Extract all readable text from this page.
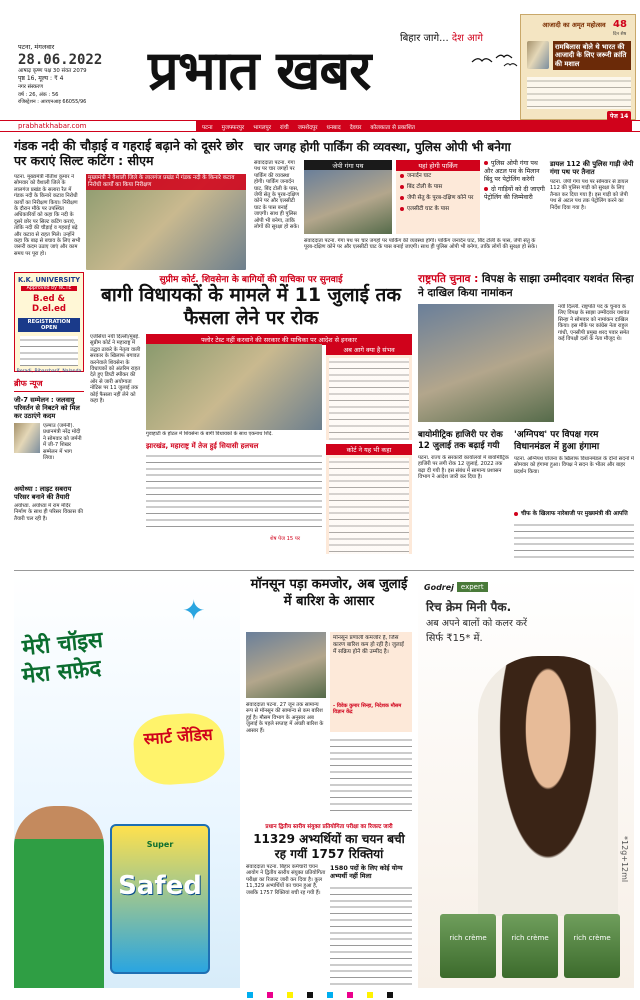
पटना, मंगलवार
28.06.2022
आषाढ़ कृष्ण पक्ष 30 संवत 2079
पृष्ठ 16, मूल्य : ₹ 4
नगर संस्करण
वर्ष : 26, अंक : 56
रजिस्ट्रेशन : आरएनआइ 66055/96	प्रभात खबर	बिहार जागे... देश आगे
आजादी का अमृत महोत्सव 48
दिन शेष
रामबिलास बोले थे भारत की आजादी के लिए जरूरी क्रांति की मशाल
पेज 14
prabhatkhabar.com	पटना मुजफ्फरपुर भागलपुर रांची जमशेदपुर धनबाद देवघर कोलकाता से प्रकाशित
गंडक नदी की चौड़ाई व गहराई बढ़ाने को दूसरे छोर पर कराएं सिल्ट कटिंग : सीएम
पटना. मुख्यमंत्री नीतीश कुमार ने सोमवार को वैशाली जिले के लालगंज प्रखंड के सलारा रैत में गंडक नदी के किनारे कटाव निरोधी कार्यों का निरीक्षण किया। निरीक्षण के दौरान मौके पर उपस्थित अधिकारियों को कहा कि नदी के दूसरे छोर पर सिल्ट कटिंग कराएं, ताकि नदी की चौड़ाई व गहराई बढ़े और कटाव से राहत मिले। उन्होंने कहा कि बाढ़ से बचाव के लिए सभी जरूरी कदम उठाए जाएं और काम समय पर पूरा हो।
मुख्यमंत्री ने वैशाली जिले के लालगंज प्रखंड में गंडक नदी के किनारे कटाव निरोधी कार्यों का किया निरीक्षण
चार जगह होगी पार्किंग की व्यवस्था, पुलिस ओपी भी बनेगा
जेपी गंगा पथ	यहां होगी पार्किंग
जनार्दन घाट
बिंद टोली के पास
जेपी सेतु के पूरब-दक्षिण कोने पर
एलसीटी घाट के पास
पुलिस ओपी गंगा पथ और अटल पथ के मिलान बिंदु पर पेट्रोलिंग करेगी
दो गाड़ियों को दी जाएगी पेट्रोलिंग की जिम्मेवारी
संवाददाता पटना. गंगा पथ पर चार जगहों पर पार्किंग की व्यवस्था होगी। पार्किंग जनार्दन घाट, बिंद टोली के पास, जेपी सेतु के पूरब-दक्षिण कोने पर और एलसीटी घाट के पास बनाई जाएगी। साथ ही पुलिस ओपी भी बनेगा, ताकि लोगों की सुरक्षा हो सके।
संवाददाता पटना. गंगा पथ पर चार जगहों पर पार्किंग की व्यवस्था होगी। पार्किंग जनार्दन घाट, बिंद टोली के पास, जेपी सेतु के पूरब-दक्षिण कोने पर और एलसीटी घाट के पास बनाई जाएगी। साथ ही पुलिस ओपी भी बनेगा, ताकि लोगों की सुरक्षा हो सके।
डायल 112 की पुलिस गाड़ी जेपी गंगा पथ पर तैनात
पटना. जेपी गंगा पथ पर सोमवार से डायल 112 की पुलिस गाड़ी को सुरक्षा के लिए तैनात कर दिया गया है। इस गाड़ी को जेपी पथ से अटल पथ तक पेट्रोलिंग करने का निर्देश दिया गया है।
K.K. UNIVERSITY
Approved by NCTE
B.ed & D.el.ed
REGISTRATION OPEN
Beradi, Biharsharif, Nalanda
ब्रीफ न्यूज
जी-7 सम्मेलन : जलवायु परिवर्तन से निबटने को मिल कर उठाएंगे कदम
एल्माउ (जर्मनी). प्रधानमंत्री नरेंद्र मोदी ने सोमवार को जर्मनी में जी-7 शिखर सम्मेलन में भाग लिया।
अयोध्या : लाइट सबराय परिसर बनाने की तैयारी
अयोध्या. अयोध्या में राम मंदिर निर्माण के साथ ही परिसर विकास की तैयारी चल रही है।
सुप्रीम कोर्ट. शिवसेना के बागियों की याचिका पर सुनवाई
बागी विधायकों के मामले में 11 जुलाई तक फैसला लेने पर रोक
एजेंसियां नयी दिल्ली/मुंबई. सुप्रीम कोर्ट ने महाराष्ट्र में उद्धव ठाकरे के नेतृत्व वाली सरकार के खिलाफ बगावत करनेवाले शिवसेना के विधायकों को अंतरिम राहत देते हुए डिप्टी स्पीकर की ओर से जारी अयोग्यता नोटिस पर 11 जुलाई तक कोई फैसला नहीं लेने को कहा है।
फ्लोर टेस्ट नहीं करवाने की सरकार की याचिका पर आदेश से इनकार
गुवाहाटी के होटल में शिवसेना के बागी विधायकों के साथ एकनाथ शिंदे.
अब आगे क्या है संभव
झारखंड, महाराष्ट्र में तेज हुई सियासी हलचल	कोर्ट ने यह भी कहा
शेष पेज 15 पर
राष्ट्रपति चुनाव : विपक्ष के साझा उम्मीदवार यशवंत सिन्हा ने दाखिल किया नामांकन
नयी दिल्ली. राष्ट्रपति पद के चुनाव के लिए विपक्ष के साझा उम्मीदवार यशवंत सिन्हा ने सोमवार को नामांकन दाखिल किया। इस मौके पर कांग्रेस नेता राहुल गांधी, एनसीपी प्रमुख शरद पवार समेत कई विपक्षी दलों के नेता मौजूद थे।
बायोमीट्रिक हाजिरी पर रोक 12 जुलाई तक बढ़ाई गयी
पटना. राज्य के सरकारी कार्यालयों में बायोमीट्रिक हाजिरी पर लगी रोक 12 जुलाई, 2022 तक बढ़ा दी गयी है। इस संबंध में सामान्य प्रशासन विभाग ने आदेश जारी कर दिया है।
'अग्निपथ' पर विपक्ष गरम विधानमंडल में हुआ हंगामा
पटना. अग्निपथ योजना के खिलाफ विधानमंडल के दोनों सदनों में सोमवार को हंगामा हुआ। विपक्ष ने सदन के भीतर और बाहर प्रदर्शन किया।
चीफ के खिलाफ नारेबाजी पर मुख्यमंत्री की आपत्ति
मेरी चॉइस
मेरा सफ़ेद
स्मार्ट जेंडिस
Super
Safed
✦
मॉनसून पड़ा कमजोर, अब जुलाई में बारिश के आसार
संवाददाता पटना. 27 जून तक सामान्य रूप से मॉनसून की सामान्य से कम बारिश हुई है। मौसम विभाग के अनुसार अब जुलाई के पहले सप्ताह में अच्छी बारिश के आसार हैं।
मॉनसून प्रणाली कमजोर है, जिस कारण बारिश कम हो रही है। जुलाई में सक्रिय होने की उम्मीद है।
- विवेक कुमार सिन्हा, निदेशक मौसम विज्ञान केंद्र
प्रधान द्वितीय स्तरीय संयुक्त प्रतियोगिता परीक्षा का रिजल्ट जारी
11329 अभ्यर्थियों का चयन बची रह गयीं 1757 रिक्तियां
संवाददाता पटना. बिहार कर्मचारी चयन आयोग ने द्वितीय स्तरीय संयुक्त प्रतियोगिता परीक्षा का रिजल्ट जारी कर दिया है। कुल 11,329 अभ्यर्थियों का चयन हुआ है, जबकि 1757 रिक्तियां बची रह गयी हैं।
1580 पदों के लिए कोई योग्य अभ्यर्थी नहीं मिला
Godrej	expert
रिच क्रेम मिनी पैक.
अब अपने बालों को कलर करें
सिर्फ ₹15* में.
*12g+12ml
rich crème	rich crème	rich crème
